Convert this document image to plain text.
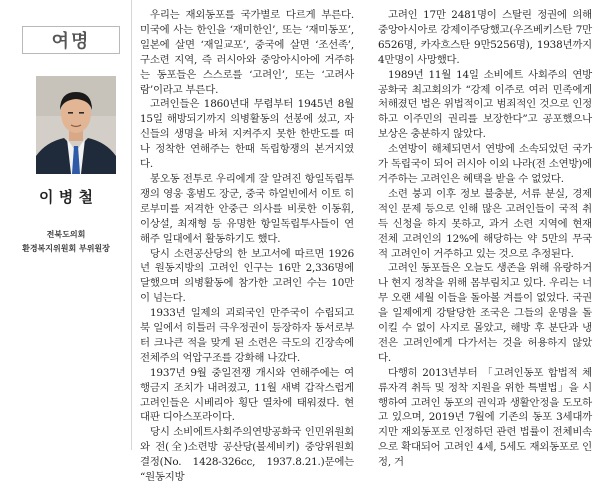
여명
이 병 철
전북도의회
환경복지위원회 부위원장

우리는 재외동포를 국가별로 다르게 부른다. 미국에 사는 한인을 ‘재미한인’, 또는 ‘재미동포’, 일본에 살면 ‘재일교포’, 중국에 살면 ‘조선족’, 구소련 지역, 즉 러시아와 중앙아시아에 거주하는 동포들은 스스로를 ‘고려인’, 또는 ‘고려사람’이라고 부른다.

고려인들은 1860년대 무렵부터 1945년 8월 15일 해방되기까지 의병활동의 선봉에 섰고, 자신들의 생명을 바쳐 지켜주지 못한 한반도를 떠나 정착한 연해주는 한때 독립항쟁의 본거지였다.

봉오동 전투로 우리에게 잘 알려진 항일독립투쟁의 영웅 홍범도 장군, 중국 하얼빈에서 이토 히로부미를 저격한 안중근 의사를 비롯한 이동휘, 이상설, 최재형 등 유명한 항일독립투사들이 연해주 일대에서 활동하기도 했다.

당시 소련공산당의 한 보고서에 따르면 1926년 원동지방의 고려인 인구는 16만 2,336명에 달했으며 의병활동에 참가한 고려인 수는 10만이 넘는다.

1933년 일제의 괴뢰국인 만주국이 수립되고 북 일에서 히틀러 극우정권이 등장하자 동서로부터 크나큰 적을 맞게 된 소련은 극도의 긴장속에 전체주의 억압구조를 강화해 나갔다.

1937년 9월 중일전쟁 개시와 연해주에는 여행금지 조치가 내려졌고, 11월 새벽 갑작스럽게 고려인들은 시베리아 횡단 열차에 태워졌다. 현대판 디아스포라이다.

당시 소비에트사회주의연방공화국 인민위원회와 전(全)소련방 공산당(볼셰비키) 중앙위원회 결정(No. 1428-326cc, 1937.8.21.)문에는 “원동지방

고려인 17만 2481명이 스탈린 정권에 의해 중앙아시아로 강제이주당했고(우즈베키스탄 7만 6526명, 카자흐스탄 9만5256명), 1938년까지 4만명이 사망했다.

1989년 11월 14일 소비에트 사회주의 연방공화국 최고회의가 “강제 이주로 여러 민족에게 처해졌던 법은 위법적이고 범죄적인 것으로 인정하고 이주민의 권리를 보장한다”고 공포했으나 보상은 충분하지 않았다.

소연방이 해체되면서 연방에 소속되었던 국가가 독립국이 되어 러시아 이외 나라(전 소연방)에 거주하는 고려인은 혜택을 받을 수 없었다.

소련 붕괴 이후 정보 불충분, 서류 분실, 경제적인 문제 등으로 인해 많은 고려인들이 국적 취득 신청을 하지 못하고, 과거 소련 지역에 현재 전체 고려인의 12%에 해당하는 약 5만의 무국적 고려인이 거주하고 있는 것으로 추정된다.

고려인 동포들은 오늘도 생존을 위해 유랑하거나 현지 정착을 위해 몸부림치고 있다. 우리는 너무 오랜 세월 이들을 돌아볼 겨를이 없었다. 국권을 일제에게 강탈당한 조국은 그들의 운명을 돌이킬 수 없이 사지로 몰았고, 해방 후 분단과 냉전은 고려인에게 다가서는 것을 허용하지 않았다.

다행히 2013년부터 「고려인동포 합법적 체류자격 취득 및 정착 지원을 위한 특별법」을 시행하여 고려인 동포의 권익과 생활안정을 도모하고 있으며, 2019년 7월에 기존의 동포 3세대까지만 재외동포로 인정하던 관련 법률이 전체비속으로 확대되어 고려인 4세, 5세도 재외동포로 인정, 거
